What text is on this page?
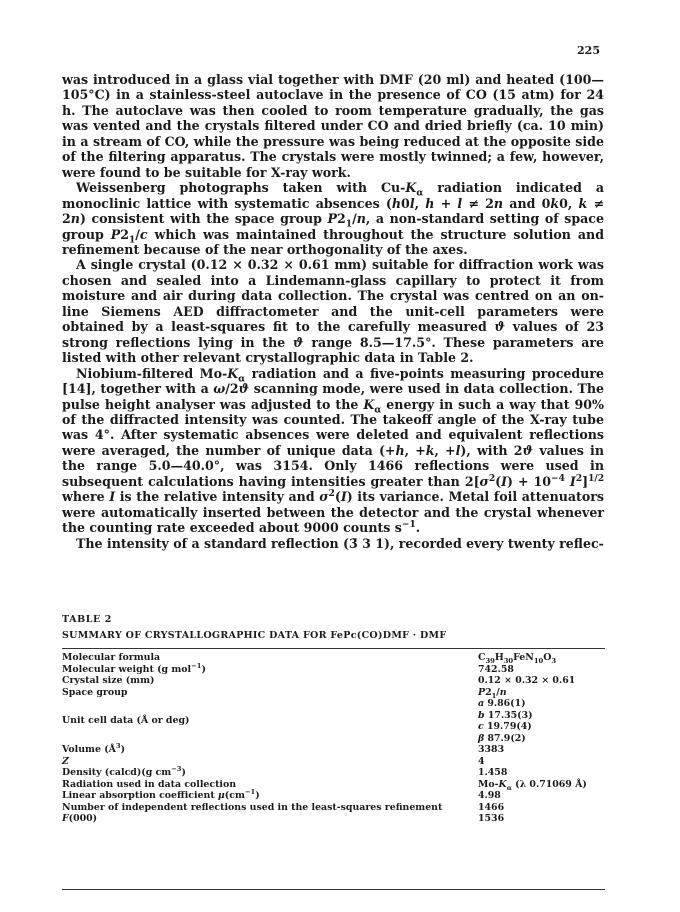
225

was introduced in a glass vial together with DMF (20 ml) and heated (100—105°C) in a stainless-steel autoclave in the presence of CO (15 atm) for 24 h. The autoclave was then cooled to room temperature gradually, the gas was vented and the crystals filtered under CO and dried briefly (ca. 10 min) in a stream of CO, while the pressure was being reduced at the opposite side of the filtering apparatus. The crystals were mostly twinned; a few, however, were found to be suitable for X-ray work.

Weissenberg photographs taken with $Cu-K_\alpha$ radiation indicated a monoclinic lattice with systematic absences (h0l, h + l ≠ 2n and 0k0, k ≠ 2n) consistent with the space group $P2_1/n$, a non-standard setting of space group $P2_1/c$ which was maintained throughout the structure solution and refinement because of the near orthogonality of the axes.

A single crystal (0.12 × 0.32 × 0.61 mm) suitable for diffraction work was chosen and sealed into a Lindemann-glass capillary to protect it from moisture and air during data collection. The crystal was centred on an on-line Siemens AED diffractometer and the unit-cell parameters were obtained by a least-squares fit to the carefully measured ϑ values of 23 strong reflections lying in the ϑ range 8.5—17.5°. These parameters are listed with other relevant crystallographic data in Table 2.

Niobium-filtered $Mo-K_\alpha$ radiation and a five-points measuring procedure [14], together with a ω/2ϑ scanning mode, were used in data collection. The pulse height analyser was adjusted to the $K_\alpha$ energy in such a way that 90% of the diffracted intensity was counted. The takeoff angle of the X-ray tube was 4°. After systematic absences were deleted and equivalent reflections were averaged, the number of unique data (+h, +k, +l), with 2ϑ values in the range 5.0—40.0°, was 3154. Only 1466 reflections were used in subsequent calculations having intensities greater than $2[\sigma^2(I) + 10^{-4}$ $I^2]^{1/2}$ where I is the relative intensity and $\sigma^2(I)$ its variance. Metal foil attenuators were automatically inserted between the detector and the crystal whenever the counting rate exceeded about 9000 counts $s^{-1}$.

The intensity of a standard reflection (3̄ 3 1), recorded every twenty reflec-

TABLE 2
SUMMARY OF CRYSTALLOGRAPHIC DATA FOR FePc(CO)DMF · DMF
Molecular formula	$C_{39}H_{30}FeN_{10}O_3$
Molecular weight (g mol$^{-1}$)	742.58
Crystal size (mm)	0.12 × 0.32 × 0.61
Space group	$P2_1/n$
Unit cell data (Å or deg)
a 9.86(1)
b 17.35(3)
c 19.79(4)
β 87.9(2)
Volume $(Å^3)$	3383
Z	4
Density (calcd)(g $cm^{-3}$)	1.458
Radiation used in data collection	$Mo-K_\alpha$ (λ 0.71069 Å)
Linear absorption coefficient $\mu(cm^{-1})$	4.98
Number of independent reflections used in the least-squares refinement	1466
F(000)	1536
